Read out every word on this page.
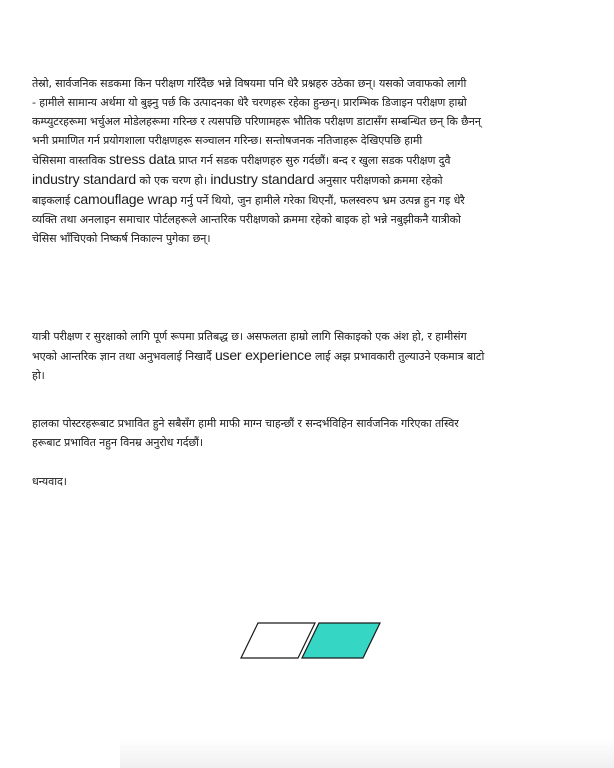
तेस्रो, सार्वजनिक सडकमा किन परीक्षण गरिँदैछ भन्ने विषयमा पनि धेरै प्रश्नहरु उठेका छन्। यसको जवाफको लागी
- हामीले सामान्य अर्थमा यो बुझ्नु पर्छ कि उत्पादनका धेरै चरणहरू रहेका हुन्छन्। प्रारम्भिक डिजाइन परीक्षण हाम्रो
कम्प्युटरहरूमा भर्चुअल मोडेलहरूमा गरिन्छ र त्यसपछि परिणामहरू भौतिक परीक्षण डाटासँग सम्बन्धित छन् कि छैनन्
भनी प्रमाणित गर्न प्रयोगशाला परीक्षणहरू सञ्चालन गरिन्छ। सन्तोषजनक नतिजाहरू देखिएपछि हामी
चेसिसमा वास्तविक stress data प्राप्त गर्न सडक परीक्षणहरु सुरु गर्दछौं। बन्द र खुला सडक परीक्षण दुवै
industry standard को एक चरण हो। industry standard अनुसार परीक्षणको क्रममा रहेको
बाइकलाई camouflage wrap गर्नु पर्ने थियो, जुन हामीले गरेका थिएनौं, फलस्वरुप भ्रम उत्पन्न हुन गइ धेरै
व्यक्ति तथा अनलाइन समाचार पोर्टलहरूले आन्तरिक परीक्षणको क्रममा रहेको बाइक हो भन्ने नबुझीकनै यात्रीको
चेसिस भाँचिएको निष्कर्ष निकाल्न पुगेका छन्।

यात्री परीक्षण र सुरक्षाको लागि पूर्ण रूपमा प्रतिबद्ध छ। असफलता हाम्रो लागि सिकाइको एक अंश हो, र हामीसंग
भएको आन्तरिक ज्ञान तथा अनुभवलाई निखार्दै user experience लाई अझ प्रभावकारी तुल्याउने एकमात्र बाटो
हो।

हालका पोस्टरहरूबाट प्रभावित हुने सबैसँग हामी माफी माग्न चाहन्छौं र सन्दर्भविहिन सार्वजनिक गरिएका तस्विर
हरूबाट प्रभावित नहुन विनम्र अनुरोध गर्दछौं।

धन्यवाद।
